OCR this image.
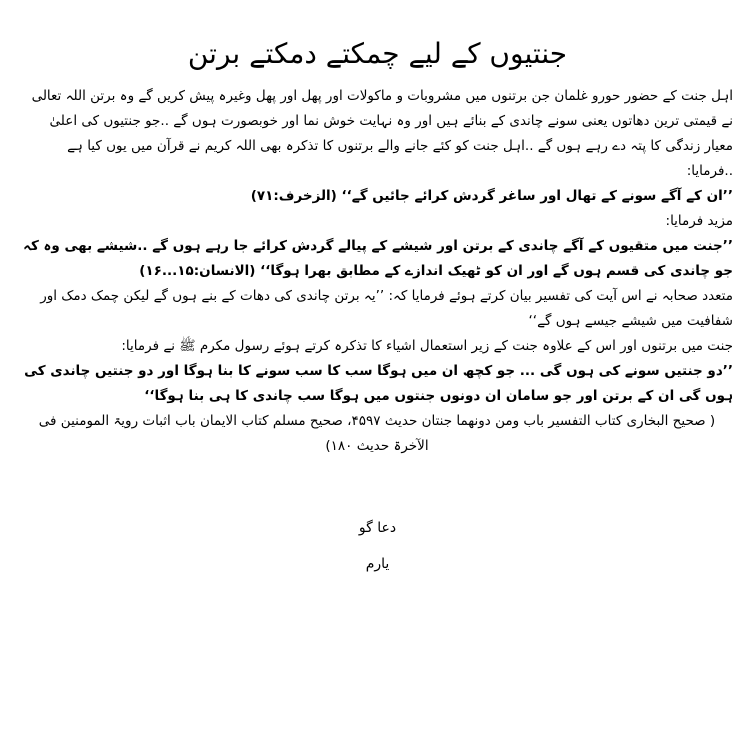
جنتیوں کے لیے چمکتے دمکتے برتن

اہل جنت کے حضور حورو غلمان جن برتنوں میں مشروبات و ماکولات اور پھل اور پھل وغیرہ پیش کریں گے وہ برتن اللہ تعالی نے قیمتی ترین دھاتوں یعنی سونے چاندی کے بنائے ہیں اور وہ نہایت خوش نما اور خوبصورت ہوں گے ..جو جنتیوں کی اعلیٰ معیار زندگی کا پتہ دے رہے ہوں گے ..اہل جنت کو کئے جانے والے برتنوں کا تذکرہ بھی اللہ کریم نے قرآن میں یوں کیا ہے ..فرمایا:

’’ان کے آگے سونے کے تھال اور ساغر گردش کرائے جائیں گے‘‘ (الزخرف:۷۱)

مزید فرمایا:

’’جنت میں متقیوں کے آگے چاندی کے برتن اور شیشے کے پیالے گردش کرائے جا رہے ہوں گے ..شیشے بھی وہ کہ جو چاندی کی قسم ہوں گے اور ان کو ٹھیک اندازے کے مطابق بھرا ہوگا‘‘ (الانسان:۱۵...۱۶)

متعدد صحابہ نے اس آیت کی تفسیر بیان کرتے ہوئے فرمایا کہ: ’’یہ برتن چاندی کی دھات کے بنے ہوں گے لیکن چمک دمک اور شفافیت میں شیشے جیسے ہوں گے‘‘

جنت میں برتنوں اور اس کے علاوہ جنت کے زیر استعمال اشیاء کا تذکرہ کرتے ہوئے رسول مکرم ﷺ نے فرمایا:

’’دو جنتیں سونے کی ہوں گی ... جو کچھ ان میں ہوگا سب کا سب سونے کا بنا ہوگا اور دو جنتیں چاندی کی ہوں گی ان کے برتن اور جو سامان ان دونوں جنتوں میں ہوگا سب چاندی کا ہی بنا ہوگا‘‘

( صحیح البخاری کتاب التفسیر باب ومن دونھما جنتان حدیث ۴۵۹۷، صحیح مسلم کتاب الایمان باب اثبات رویۃ المومنین فی الآخرۃ حدیث ۱۸۰)

دعا گو
یارم
